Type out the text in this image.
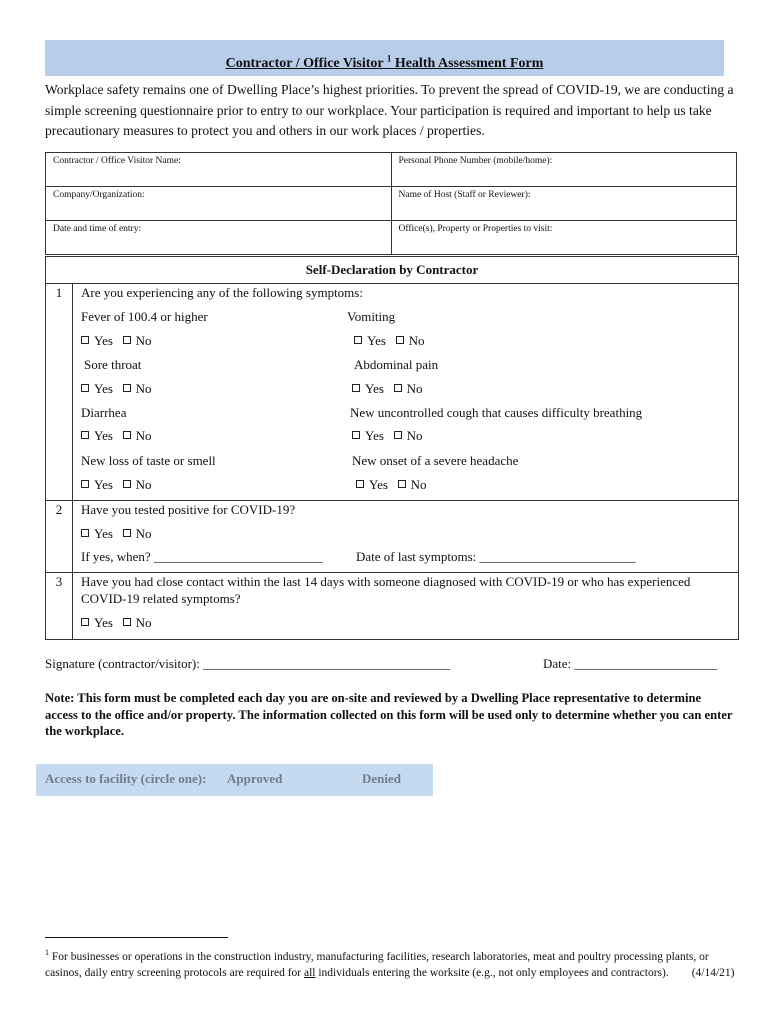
Contractor / Office Visitor $^1$ Health Assessment Form
Workplace safety remains one of Dwelling Place’s highest priorities. To prevent the spread of COVID-19, we are conducting a simple screening questionnaire prior to entry to our workplace. Your participation is required and important to help us take precautionary measures to protect you and others in our work places / properties.
Contractor / Office Visitor Name:	Personal Phone Number (mobile/home):
Company/Organization:	Name of Host (Staff or Reviewer):
Date and time of entry:	Office(s), Property or Properties to visit:
Self-Declaration by Contractor
1	Are you experiencing any of the following symptoms:
Fever of 100.4 or higher	Vomiting
Yes No	Yes No
Sore throat	Abdominal pain
Yes No	Yes No
Diarrhea	New uncontrolled cough that causes difficulty breathing
Yes No	Yes No
New loss of taste or smell	New onset of a severe headache
Yes No	Yes No
2	Have you tested positive for COVID-19?
Yes No
If yes, when? __________________________	Date of last symptoms: ________________________
3	Have you had close contact within the last 14 days with someone diagnosed with COVID-19 or who has experienced
COVID-19 related symptoms?
Yes No
Signature (contractor/visitor): ______________________________________	Date: ______________________
Note: This form must be completed each day you are on-site and reviewed by a Dwelling Place representative to determine access to the office and/or property. The information collected on this form will be used only to determine whether you can enter the workplace.
Access to facility (circle one): Approved	Denied
$^1$ For businesses or operations in the construction industry, manufacturing facilities, research laboratories, meat and poultry processing plants, or casinos, daily entry screening protocols are required for all individuals entering the worksite (e.g., not only employees and contractors). (4/14/21)
